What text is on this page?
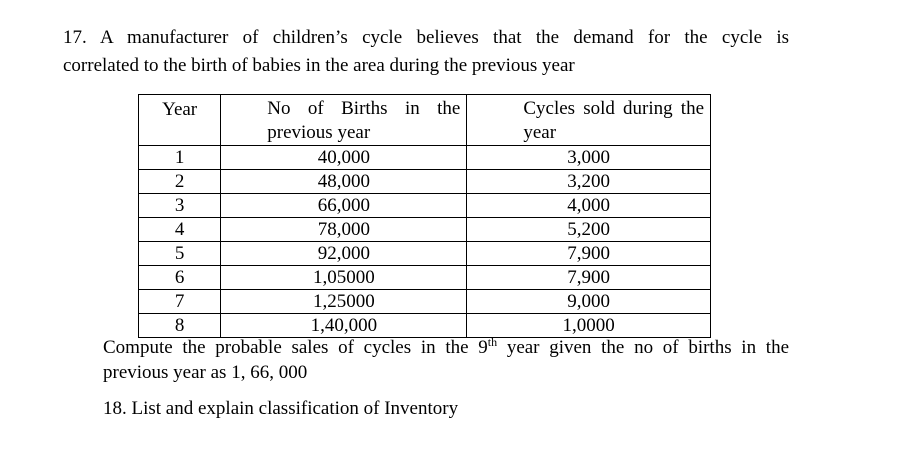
17. A manufacturer of children’s cycle believes that the demand for the cycle is
correlated to the birth of babies in the area during the previous year
Year	No of Births in the previous year	Cycles sold during the year
1	40,000	3,000
2	48,000	3,200
3	66,000	4,000
4	78,000	5,200
5	92,000	7,900
6	1,05000	7,900
7	1,25000	9,000
8	1,40,000	1,0000
Compute the probable sales of cycles in the 9th year given the no of births in the
previous year as 1, 66, 000
18. List and explain classification of Inventory
